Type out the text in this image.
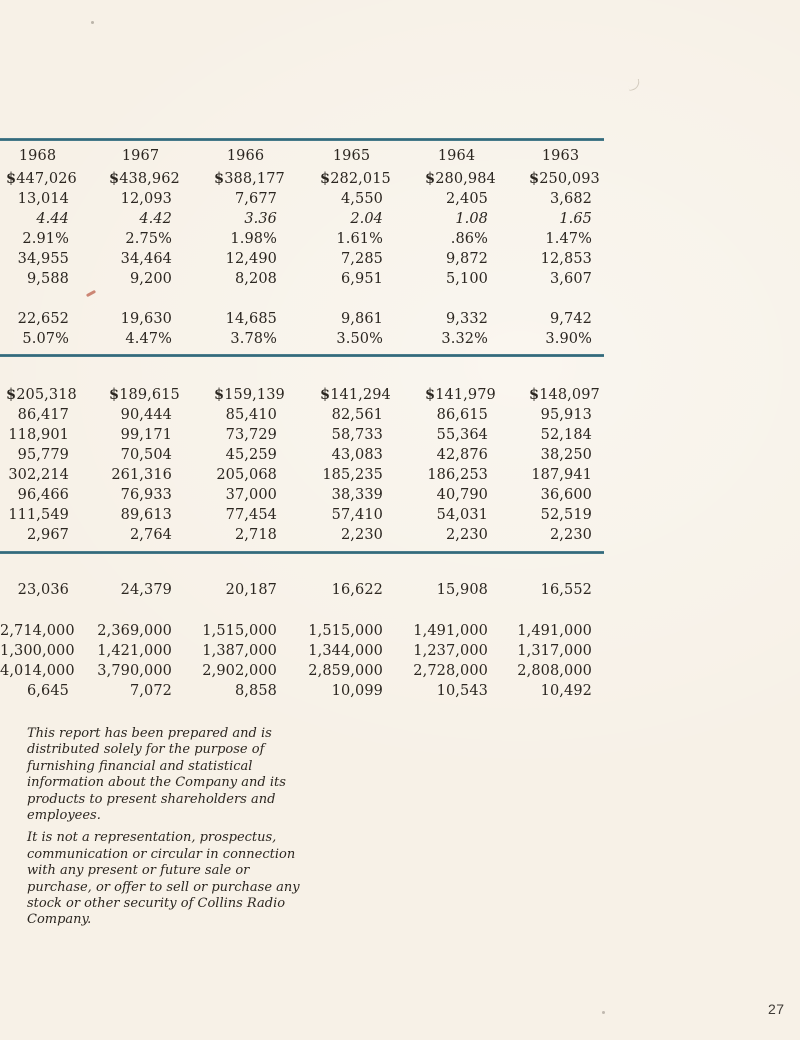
1968	1967	1966	1965	1964	1963
$ 447,026 $ 438,962 $ 388,177 $ 282,015 $ 280,984 $ 250,093
13,014	12,093	7,677	4,550	2,405	3,682
4.44	4.42	3.36	2.04	1.08	1.65
2.91%	2.75%	1.98%	1.61%	.86%	1.47%
34,955	34,464	12,490	7,285	9,872	12,853
9,588	9,200	8,208	6,951	5,100	3,607
22,652	19,630	14,685	9,861	9,332	9,742
5.07%	4.47%	3.78%	3.50%	3.32%	3.90%
$ 205,318 $ 189,615 $ 159,139 $ 141,294 $ 141,979 $ 148,097
86,417	90,444	85,410	82,561	86,615	95,913
118,901	99,171	73,729	58,733	55,364	52,184
95,779	70,504	45,259	43,083	42,876	38,250
302,214	261,316	205,068	185,235	186,253	187,941
96,466	76,933	37,000	38,339	40,790	36,600
111,549	89,613	77,454	57,410	54,031	52,519
2,967	2,764	2,718	2,230	2,230	2,230
23,036	24,379	20,187	16,622	15,908	16,552
2,714,000	2,369,000	1,515,000	1,515,000	1,491,000	1,491,000
1,300,000	1,421,000	1,387,000	1,344,000	1,237,000	1,317,000
4,014,000	3,790,000	2,902,000	2,859,000	2,728,000	2,808,000
6,645	7,072	8,858	10,099	10,543	10,492

This report has been prepared and is distributed solely for the purpose of furnishing financial and statistical information about the Company and its products to present shareholders and employees.

It is not a representation, prospectus, communication or circular in connection with any present or future sale or purchase, or offer to sell or purchase any stock or other security of Collins Radio Company.

27
